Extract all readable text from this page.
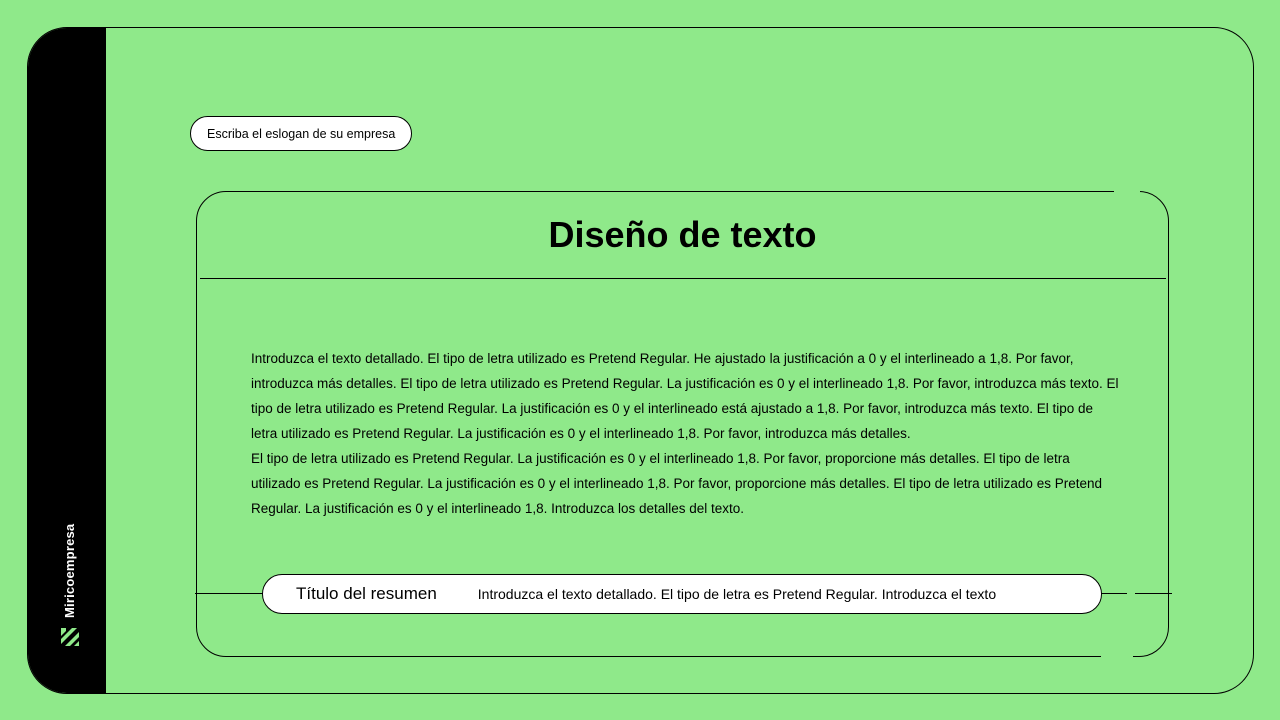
Miricoempresa
Escriba el eslogan de su empresa
Diseño de texto

Introduzca el texto detallado. El tipo de letra utilizado es Pretend Regular. He ajustado la justificación a 0 y el interlineado a 1,8. Por favor, introduzca más detalles. El tipo de letra utilizado es Pretend Regular. La justificación es 0 y el interlineado 1,8. Por favor, introduzca más texto. El tipo de letra utilizado es Pretend Regular. La justificación es 0 y el interlineado está ajustado a 1,8. Por favor, introduzca más texto. El tipo de letra utilizado es Pretend Regular. La justificación es 0 y el interlineado 1,8. Por favor, introduzca más detalles.
El tipo de letra utilizado es Pretend Regular. La justificación es 0 y el interlineado 1,8. Por favor, proporcione más detalles. El tipo de letra utilizado es Pretend Regular. La justificación es 0 y el interlineado 1,8. Por favor, proporcione más detalles. El tipo de letra utilizado es Pretend Regular. La justificación es 0 y el interlineado 1,8. Introduzca los detalles del texto.

Título del resumen	Introduzca el texto detallado. El tipo de letra es Pretend Regular. Introduzca el texto
